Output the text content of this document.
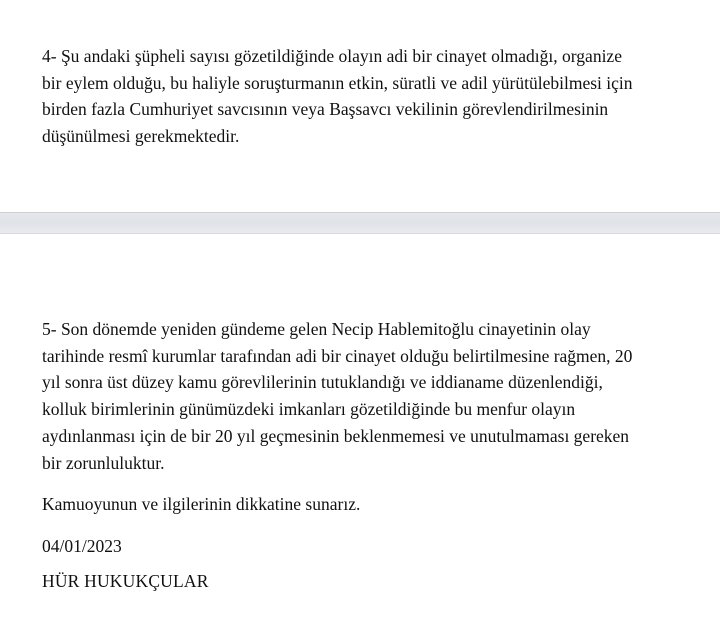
4- Şu andaki şüpheli sayısı gözetildiğinde olayın adi bir cinayet olmadığı, organize
bir eylem olduğu, bu haliyle soruşturmanın etkin, süratli ve adil yürütülebilmesi için
birden fazla Cumhuriyet savcısının veya Başsavcı vekilinin görevlendirilmesinin
düşünülmesi gerekmektedir.
5- Son dönemde yeniden gündeme gelen Necip Hablemitoğlu cinayetinin olay
tarihinde resmî kurumlar tarafından adi bir cinayet olduğu belirtilmesine rağmen, 20
yıl sonra üst düzey kamu görevlilerinin tutuklandığı ve iddianame düzenlendiği,
kolluk birimlerinin günümüzdeki imkanları gözetildiğinde bu menfur olayın
aydınlanması için de bir 20 yıl geçmesinin beklenmemesi ve unutulmaması gereken
bir zorunluluktur.

Kamuoyunun ve ilgilerinin dikkatine sunarız.

04/01/2023

HÜR HUKUKÇULAR
